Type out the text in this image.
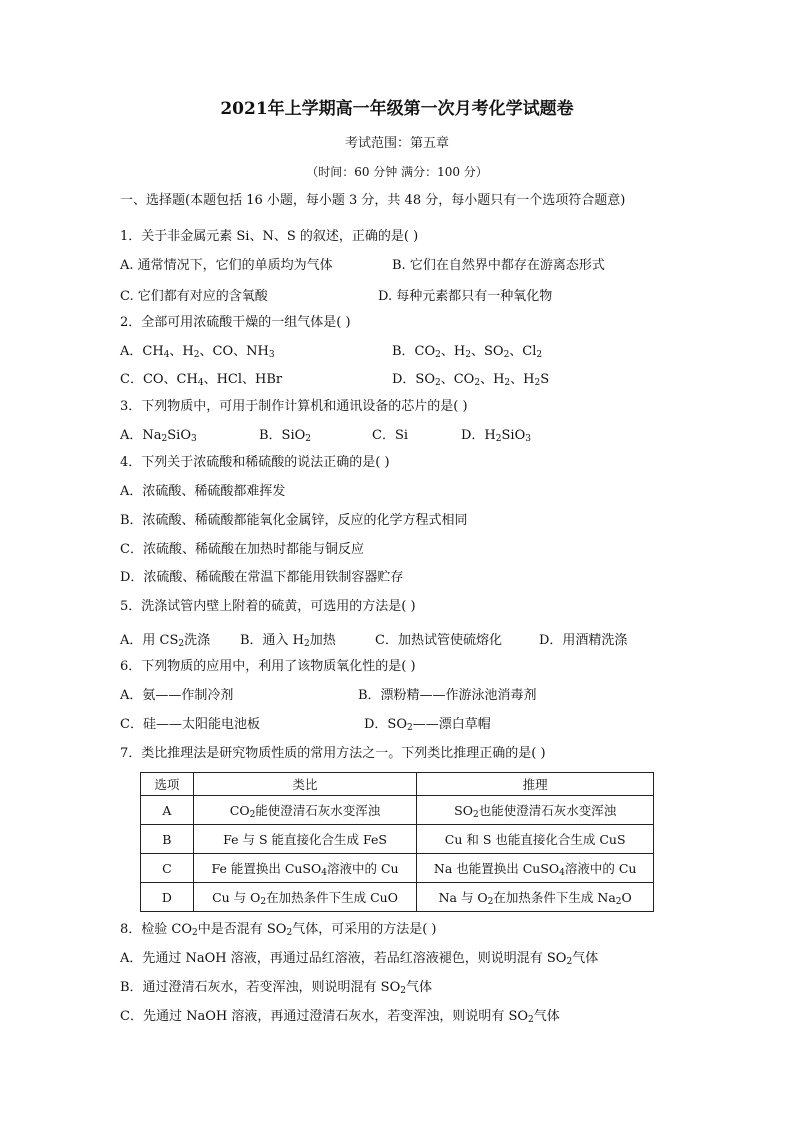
2021年上学期高一年级第一次月考化学试题卷
考试范围：第五章
（时间：60 分钟 满分：100 分）
一、选择题(本题包括 16 小题，每小题 3 分，共 48 分，每小题只有一个选项符合题意)
1．关于非金属元素 Si、N、S 的叙述，正确的是( )
A. 通常情况下，它们的单质均为气体	B. 它们在自然界中都存在游离态形式
C. 它们都有对应的含氧酸	D. 每种元素都只有一种氧化物
2．全部可用浓硫酸干燥的一组气体是( )
A．$CH_4$、$H_2$、CO、$NH_3$	B．$CO_2$、$H_2$、$SO_2$、$Cl_2$
C．CO、$CH_4$、HCl、HBr	D．$SO_2$、$CO_2$、$H_2$、$H_2S$
3．下列物质中，可用于制作计算机和通讯设备的芯片的是( )
A．$Na_2SiO_3$	B．SiO$_2$	C．Si	D．$H_2SiO_3$
4．下列关于浓硫酸和稀硫酸的说法正确的是( )
A．浓硫酸、稀硫酸都难挥发
B．浓硫酸、稀硫酸都能氧化金属锌，反应的化学方程式相同
C．浓硫酸、稀硫酸在加热时都能与铜反应
D．浓硫酸、稀硫酸在常温下都能用铁制容器贮存
5．洗涤试管内壁上附着的硫黄，可选用的方法是( )
A．用 $CS_2$洗涤 B．通入 $H_2$加热	C．加热试管使硫熔化	D．用酒精洗涤
6．下列物质的应用中，利用了该物质氧化性的是( )
A．氨——作制冷剂	B．漂粉精——作游泳池消毒剂
C．硅——太阳能电池板	D．$SO_2——$漂白草帽
7．类比推理法是研究物质性质的常用方法之一。下列类比推理正确的是( )
选项	类比	推理
A	$CO_2$能使澄清石灰水变浑浊	$SO_2$也能使澄清石灰水变浑浊
B	Fe 与 S 能直接化合生成 FeS	Cu 和 S 也能直接化合生成 CuS
C	Fe 能置换出 CuSO$_4$溶液中的 Cu	Na 也能置换出 CuSO$_4$溶液中的 Cu
D	Cu 与 $O_2$在加热条件下生成 CuO	Na 与 $O_2$在加热条件下生成 $Na_2O$
8．检验 $CO_2$中是否混有 $SO_2$气体，可采用的方法是( )
A．先通过 NaOH 溶液，再通过品红溶液，若品红溶液褪色，则说明混有 $SO_2$气体
B．通过澄清石灰水，若变浑浊，则说明混有 $SO_2$气体
C．先通过 NaOH 溶液，再通过澄清石灰水，若变浑浊，则说明有 $SO_2$气体
